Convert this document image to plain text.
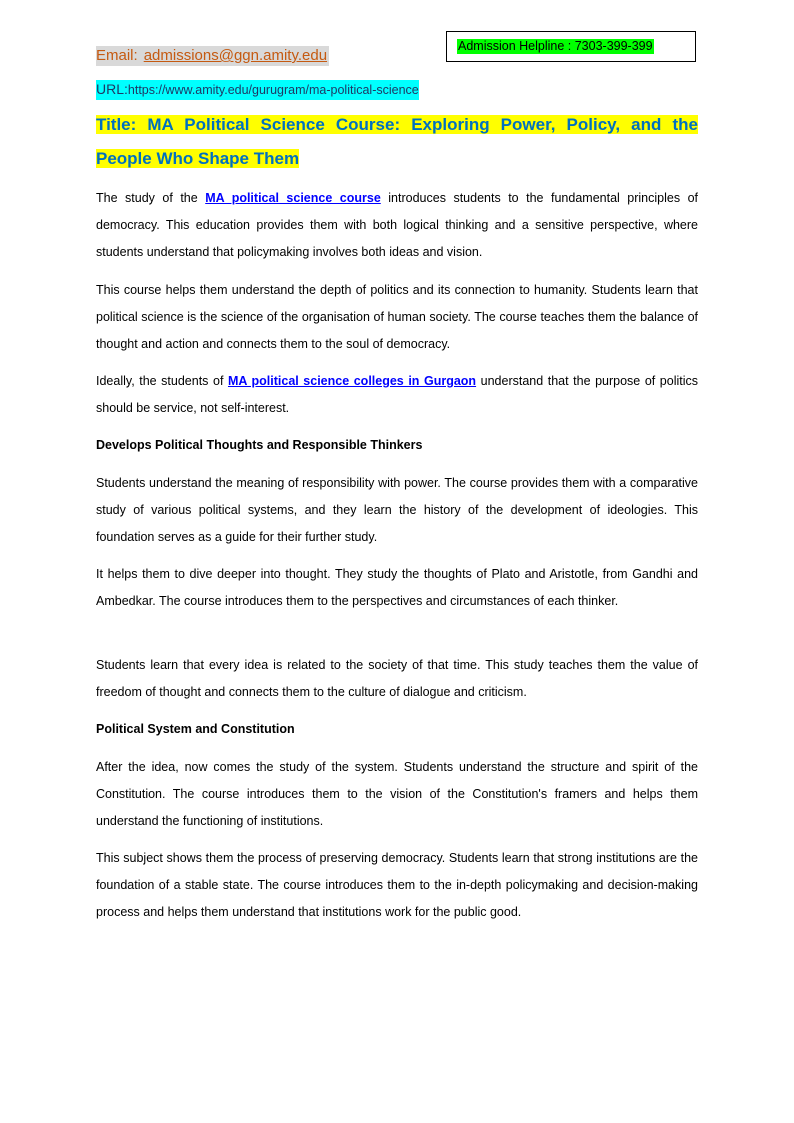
Admission Helpline : 7303-399-399
Email: admissions@ggn.amity.edu
URL:https://www.amity.edu/gurugram/ma-political-science
Title: MA Political Science Course: Exploring Power, Policy, and the People Who Shape Them

The study of the MA political science course introduces students to the fundamental principles of democracy. This education provides them with both logical thinking and a sensitive perspective, where students understand that policymaking involves both ideas and vision.

This course helps them understand the depth of politics and its connection to humanity. Students learn that political science is the science of the organisation of human society. The course teaches them the balance of thought and action and connects them to the soul of democracy.

Ideally, the students of MA political science colleges in Gurgaon understand that the purpose of politics should be service, not self-interest.

Develops Political Thoughts and Responsible Thinkers

Students understand the meaning of responsibility with power. The course provides them with a comparative study of various political systems, and they learn the history of the development of ideologies. This foundation serves as a guide for their further study.

It helps them to dive deeper into thought. They study the thoughts of Plato and Aristotle, from Gandhi and Ambedkar. The course introduces them to the perspectives and circumstances of each thinker.

Students learn that every idea is related to the society of that time. This study teaches them the value of freedom of thought and connects them to the culture of dialogue and criticism.

Political System and Constitution

After the idea, now comes the study of the system. Students understand the structure and spirit of the Constitution. The course introduces them to the vision of the Constitution's framers and helps them understand the functioning of institutions.

This subject shows them the process of preserving democracy. Students learn that strong institutions are the foundation of a stable state. The course introduces them to the in-depth policymaking and decision-making process and helps them understand that institutions work for the public good.
